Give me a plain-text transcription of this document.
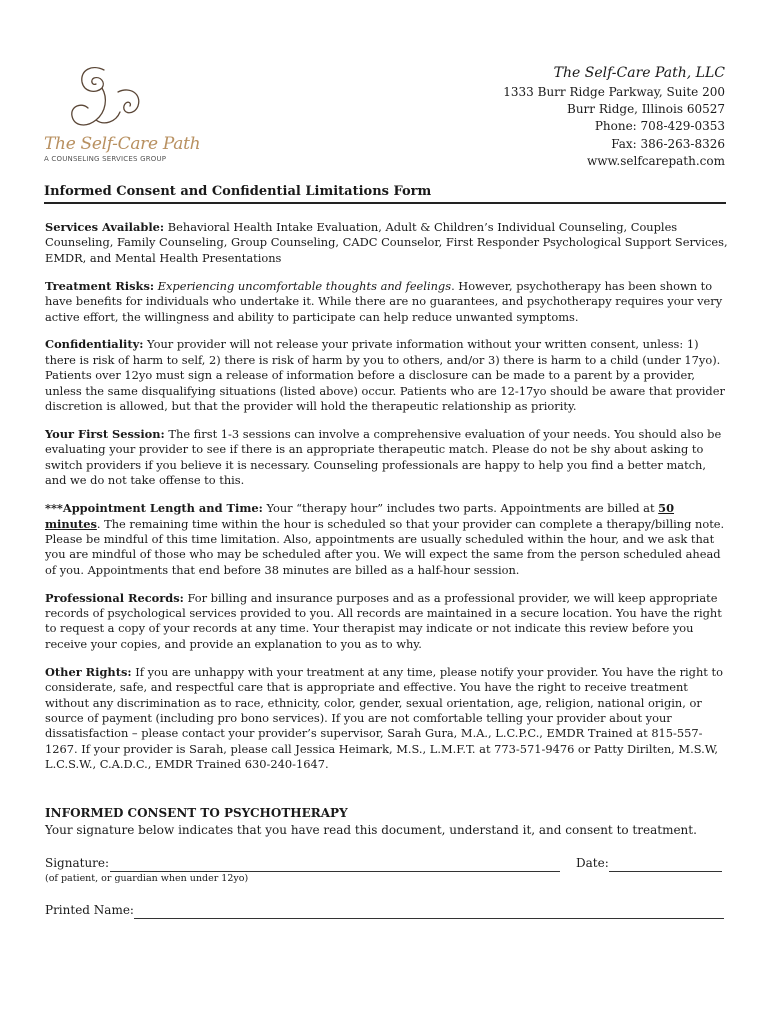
The Self-Care Path
A COUNSELING SERVICES GROUP
The Self-Care Path, LLC
1333 Burr Ridge Parkway, Suite 200
Burr Ridge, Illinois 60527
Phone: 708-429-0353
Fax: 386-263-8326
www.selfcarepath.com
Informed Consent and Confidential Limitations Form

Services Available: Behavioral Health Intake Evaluation, Adult & Children’s Individual Counseling, Couples Counseling, Family Counseling, Group Counseling, CADC Counselor, First Responder Psychological Support Services, EMDR, and Mental Health Presentations

Treatment Risks: Experiencing uncomfortable thoughts and feelings. However, psychotherapy has been shown to have benefits for individuals who undertake it. While there are no guarantees, and psychotherapy requires your very active effort, the willingness and ability to participate can help reduce unwanted symptoms.

Confidentiality: Your provider will not release your private information without your written consent, unless: 1) there is risk of harm to self, 2) there is risk of harm by you to others, and/or 3) there is harm to a child (under 17yo). Patients over 12yo must sign a release of information before a disclosure can be made to a parent by a provider, unless the same disqualifying situations (listed above) occur. Patients who are 12-17yo should be aware that provider discretion is allowed, but that the provider will hold the therapeutic relationship as priority.

Your First Session: The first 1-3 sessions can involve a comprehensive evaluation of your needs. You should also be evaluating your provider to see if there is an appropriate therapeutic match. Please do not be shy about asking to switch providers if you believe it is necessary. Counseling professionals are happy to help you find a better match, and we do not take offense to this.

***Appointment Length and Time: Your “therapy hour” includes two parts. Appointments are billed at 50 minutes. The remaining time within the hour is scheduled so that your provider can complete a therapy/billing note. Please be mindful of this time limitation. Also, appointments are usually scheduled within the hour, and we ask that you are mindful of those who may be scheduled after you. We will expect the same from the person scheduled ahead of you. Appointments that end before 38 minutes are billed as a half-hour session.

Professional Records: For billing and insurance purposes and as a professional provider, we will keep appropriate records of psychological services provided to you. All records are maintained in a secure location. You have the right to request a copy of your records at any time. Your therapist may indicate or not indicate this review before you receive your copies, and provide an explanation to you as to why.

Other Rights: If you are unhappy with your treatment at any time, please notify your provider. You have the right to considerate, safe, and respectful care that is appropriate and effective. You have the right to receive treatment without any discrimination as to race, ethnicity, color, gender, sexual orientation, age, religion, national origin, or source of payment (including pro bono services). If you are not comfortable telling your provider about your dissatisfaction – please contact your provider’s supervisor, Sarah Gura, M.A., L.C.P.C., EMDR Trained at 815-557-1267. If your provider is Sarah, please call Jessica Heimark, M.S., L.M.F.T. at 773-571-9476 or Patty Dirilten, M.S.W, L.C.S.W., C.A.D.C., EMDR Trained 630-240-1647.

INFORMED CONSENT TO PSYCHOTHERAPY
Your signature below indicates that you have read this document, understand it, and consent to treatment.
Signature:	Date:
(of patient, or guardian when under 12yo)
Printed Name:
